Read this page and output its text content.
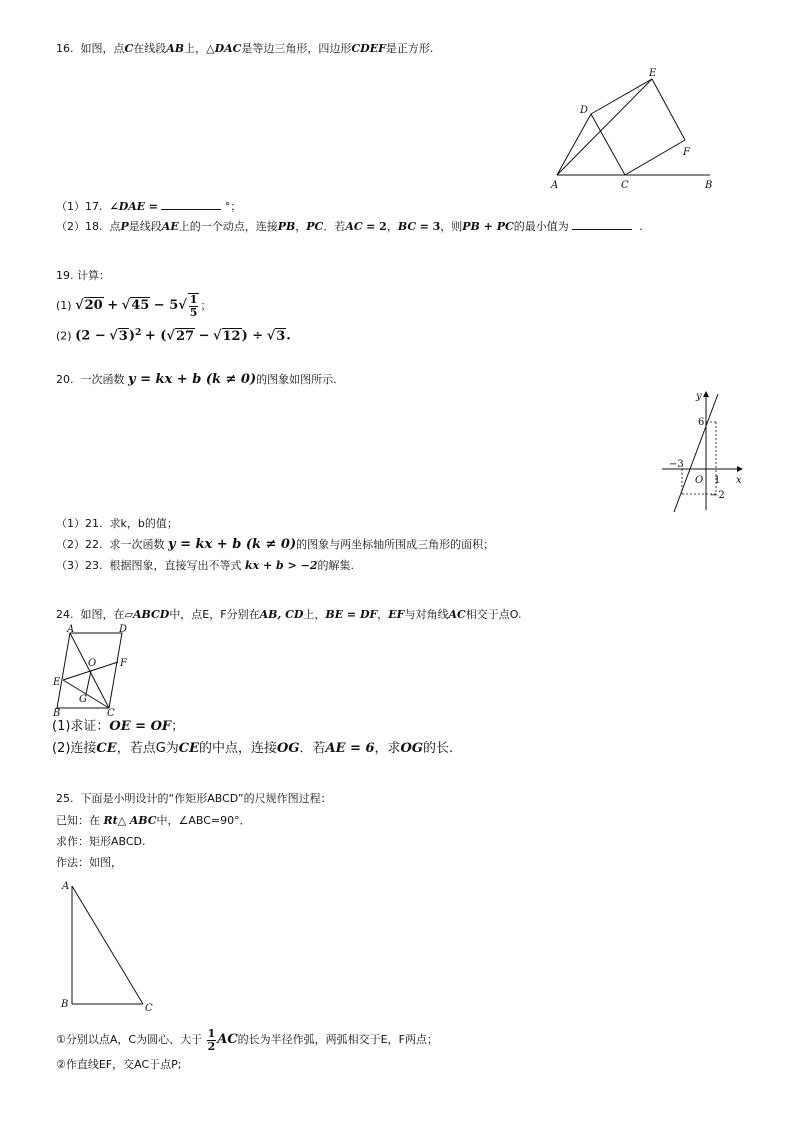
16. 如图，点C在线段AB上，△DAC是等边三角形，四边形CDEF是正方形.
A	C	B
D
E
F
（1）17. ∠DAE =	°；
（2）18. 点P是线段AE上的一个动点，连接PB，PC．若AC = 2，BC = 3，则PB + PC的最小值为	.
19. 计算：
(1) $√20 + √45 - 5√ \frac{1}{5}$ ；
(2) $(2 - √3)^2 + (√27 - √12) \div √3$.
20. 一次函数 y = kx + b (k ≠ 0)的图象如图所示.
y
x
O
6
−3
1
−2
（1）21. 求k，b的值；
（2）22. 求一次函数 y = kx + b (k ≠ 0)的图象与两坐标轴所围成三角形的面积；
（3）23. 根据图象，直接写出不等式 kx + b > −2的解集.
24. 如图，在▱ABCD中，点E，F分别在AB, CD上，BE = DF，EF与对角线AC相交于点O.
A	D
O F
E
G
B	C
(1)求证：OE = OF；
(2)连接CE，若点G为CE的中点，连接OG．若AE = 6，求OG的长.
25. 下面是小明设计的“作矩形ABCD”的尺规作图过程：
已知：在 Rt△ ABC中，∠ABC=90°．
求作：矩形ABCD.
作法：如图，
A
B	C
①分别以点A，C为圆心、大于 $\frac{1}{2}$ AC的长为半径作弧，两弧相交于E，F两点；
②作直线EF，交AC于点P;
